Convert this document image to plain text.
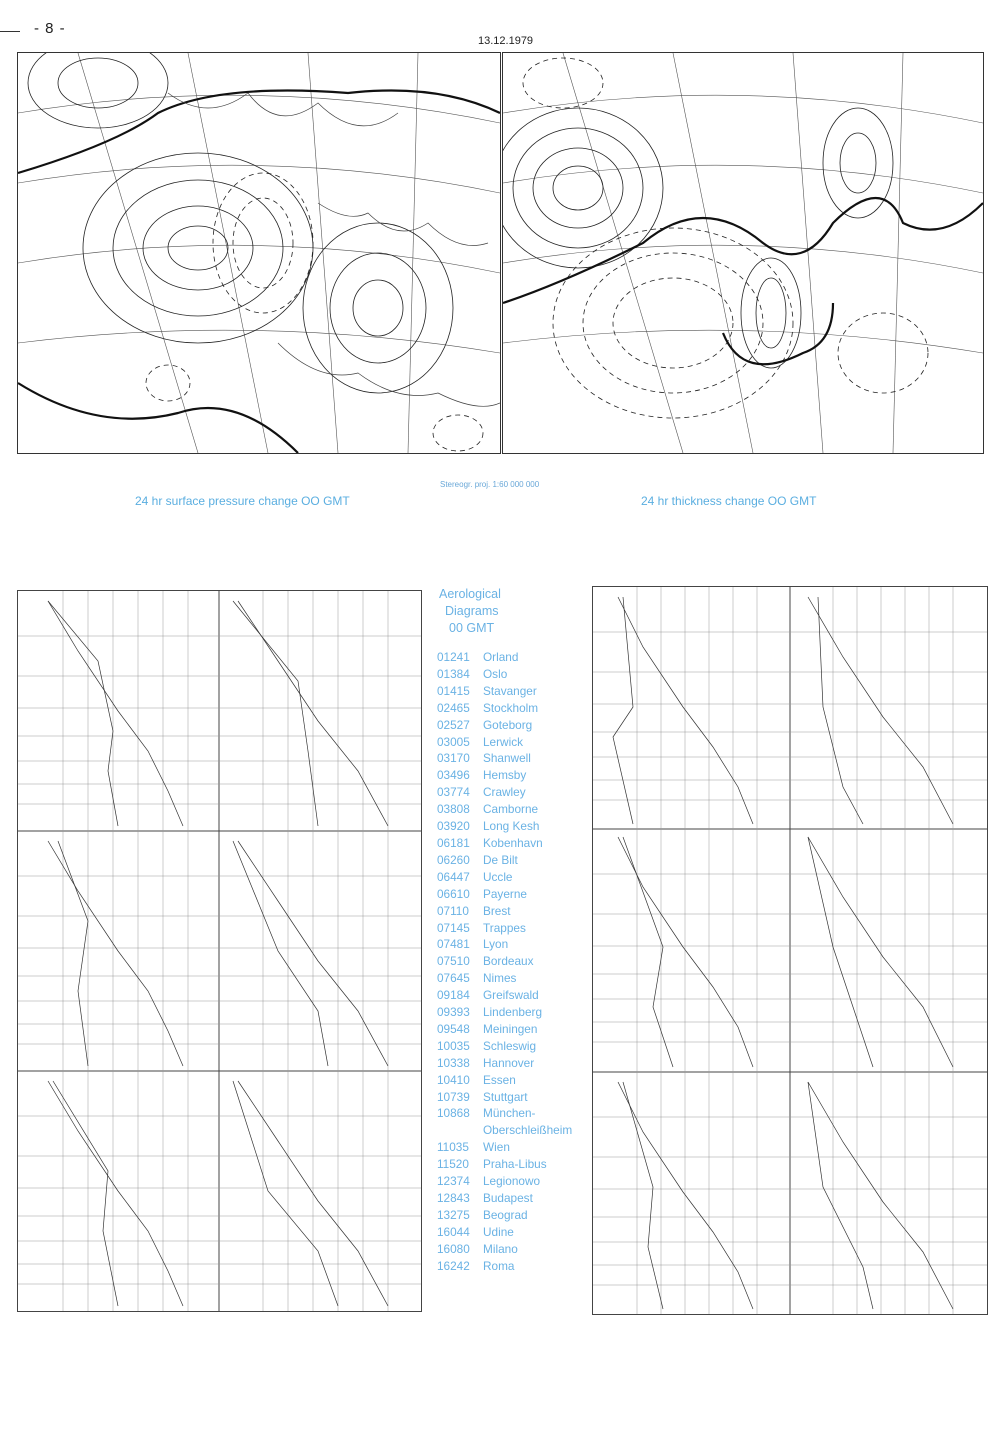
- 8 -
13.12.1979
Stereogr. proj. 1:60 000 000
24 hr surface pressure change OO GMT	24 hr thickness change OO GMT
Aerological
Diagrams
00 GMT
01241	Orland
01384	Oslo
01415	Stavanger
02465	Stockholm
02527	Goteborg
03005	Lerwick
03170	Shanwell
03496	Hemsby
03774	Crawley
03808	Camborne
03920	Long Kesh
06181	Kobenhavn
06260	De Bilt
06447	Uccle
06610	Payerne
07110	Brest
07145	Trappes
07481	Lyon
07510	Bordeaux
07645	Nimes
09184	Greifswald
09393	Lindenberg
09548	Meiningen
10035	Schleswig
10338	Hannover
10410	Essen
10739	Stuttgart
10868	München-
Oberschleißheim
11035	Wien
11520	Praha-Libus
12374	Legionowo
12843	Budapest
13275	Beograd
16044	Udine
16080	Milano
16242	Roma
